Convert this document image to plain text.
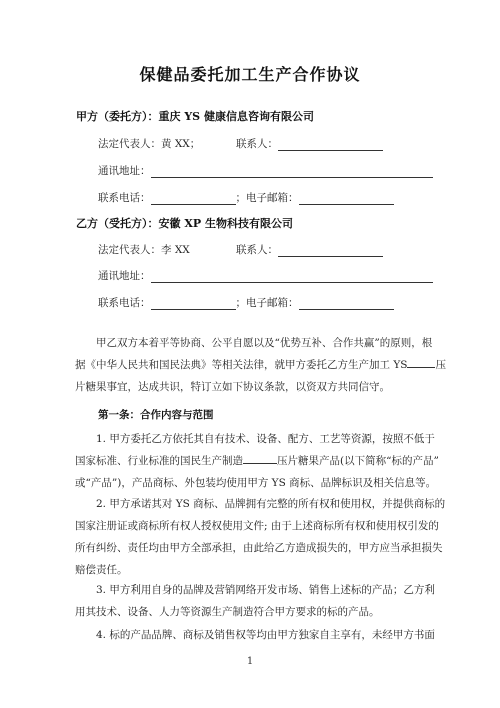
保健品委托加工生产合作协议
甲方（委托方）：重庆 YS 健康信息咨询有限公司
法定代表人：黄 XX；	联系人：
通讯地址：
联系电话：	；电子邮箱：
乙方（受托方）：安徽 XP 生物科技有限公司
法定代表人：李 XX	联系人：
通讯地址：
联系电话：	；电子邮箱：
甲乙双方本着平等协商、公平自愿以及“优势互补、合作共赢”的原则，根
据《中华人民共和国民法典》等相关法律，就甲方委托乙方生产加工 YS	压
片糖果事宜，达成共识，特订立如下协议条款，以资双方共同信守。
第一条：合作内容与范围
1. 甲方委托乙方依托其自有技术、设备、配方、工艺等资源，按照不低于
国家标准、行业标准的国民生产制造	压片糖果产品(以下简称“标的产品”
或“产品”)，产品商标、外包装均使用甲方 YS 商标、品牌标识及相关信息等。
2. 甲方承诺其对 YS 商标、品牌拥有完整的所有权和使用权，并提供商标的
国家注册证或商标所有权人授权使用文件; 由于上述商标所有权和使用权引发的
所有纠纷、责任均由甲方全部承担，由此给乙方造成损失的，甲方应当承担损失
赔偿责任。
3. 甲方利用自身的品牌及营销网络开发市场、销售上述标的产品；乙方利
用其技术、设备、人力等资源生产制造符合甲方要求的标的产品。
4. 标的产品品牌、商标及销售权等均由甲方独家自主享有，未经甲方书面
1
